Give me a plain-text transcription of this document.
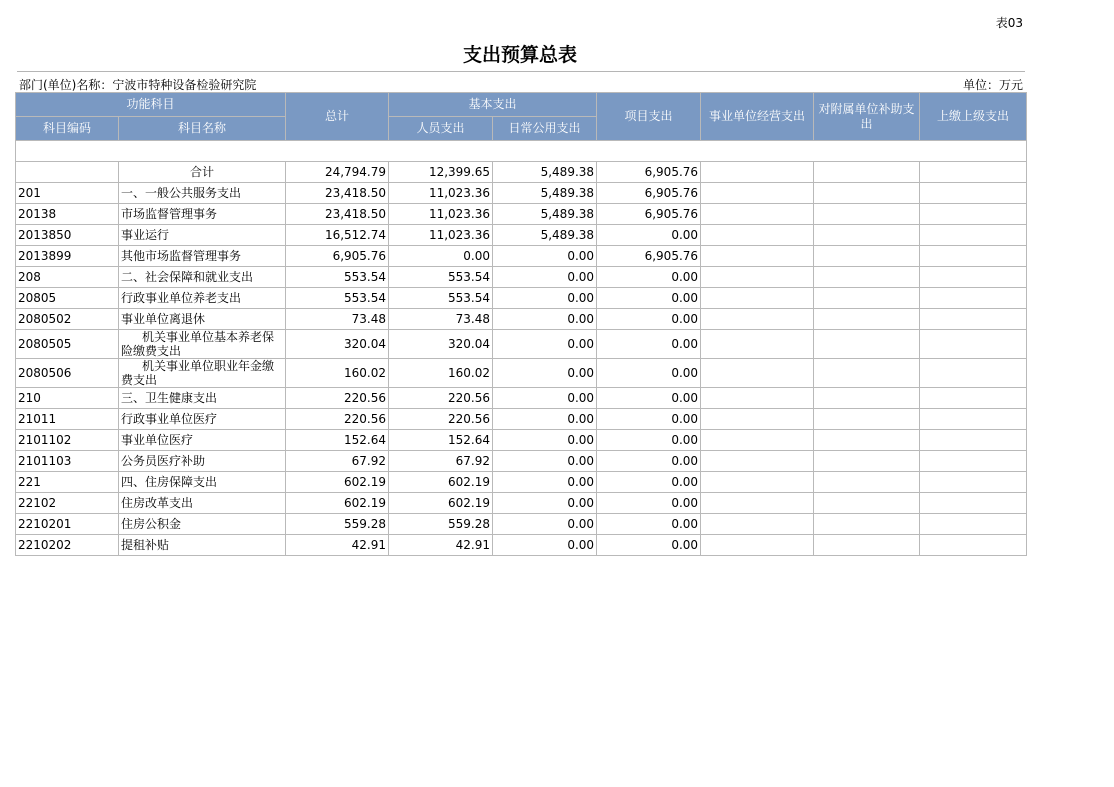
表03
支出预算总表
部门(单位)名称：宁波市特种设备检验研究院	单位：万元
功能科目		总计	基本支出		项目支出	事业单位经营支出	对附属单位补助支出	上缴上级支出
科目编码	科目名称		人员支出	日常公用支出				

	合计	24,794.79	12,399.65	5,489.38	6,905.76			
201	一、一般公共服务支出	23,418.50	11,023.36	5,489.38	6,905.76			
20138	市场监督管理事务	23,418.50	11,023.36	5,489.38	6,905.76			
2013850	事业运行	16,512.74	11,023.36	5,489.38	0.00			
2013899	其他市场监督管理事务	6,905.76	0.00	0.00	6,905.76			
208	二、社会保障和就业支出	553.54	553.54	0.00	0.00			
20805	行政事业单位养老支出	553.54	553.54	0.00	0.00			
2080502	事业单位离退休	73.48	73.48	0.00	0.00			
2080505	机关事业单位基本养老保险缴费支出	320.04	320.04	0.00	0.00			
2080506	机关事业单位职业年金缴费支出	160.02	160.02	0.00	0.00			
210	三、卫生健康支出	220.56	220.56	0.00	0.00			
21011	行政事业单位医疗	220.56	220.56	0.00	0.00			
2101102	事业单位医疗	152.64	152.64	0.00	0.00			
2101103	公务员医疗补助	67.92	67.92	0.00	0.00			
221	四、住房保障支出	602.19	602.19	0.00	0.00			
22102	住房改革支出	602.19	602.19	0.00	0.00			
2210201	住房公积金	559.28	559.28	0.00	0.00			
2210202	提租补贴	42.91	42.91	0.00	0.00			
